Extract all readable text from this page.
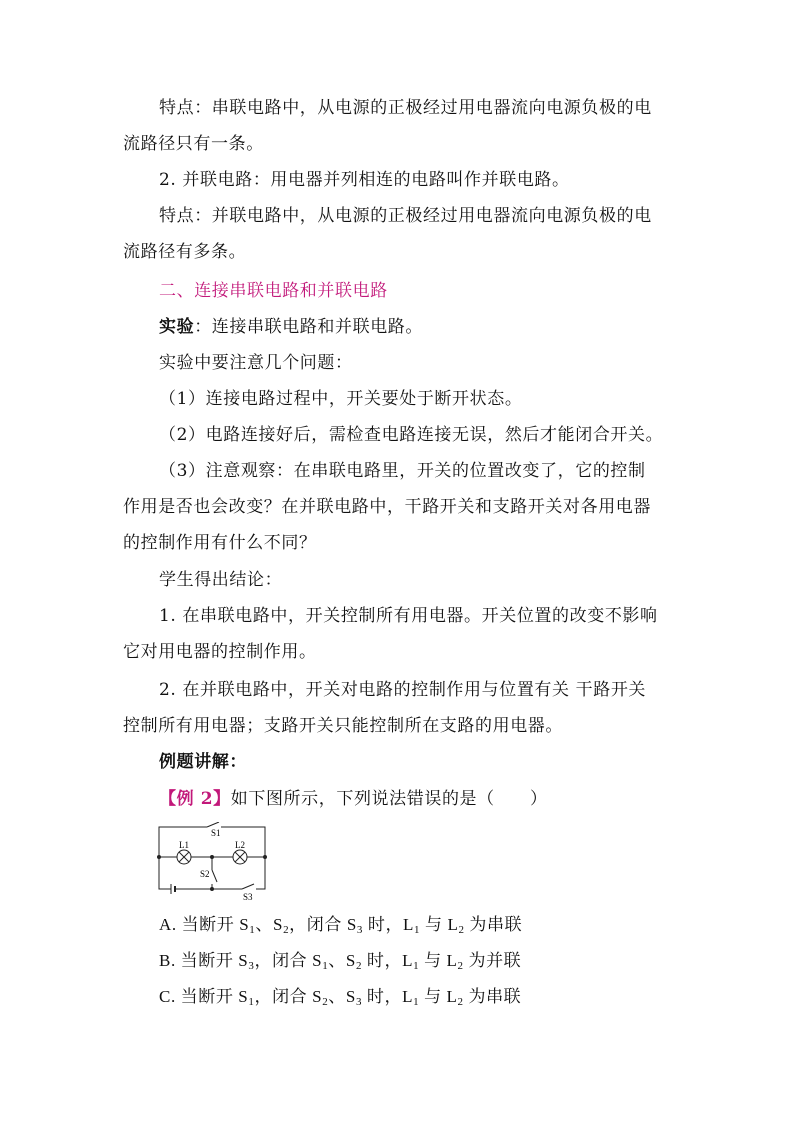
特点：串联电路中，从电源的正极经过用电器流向电源负极的电
流路径只有一条。
2. 并联电路：用电器并列相连的电路叫作并联电路。
特点：并联电路中，从电源的正极经过用电器流向电源负极的电
流路径有多条。
二、连接串联电路和并联电路
实验：连接串联电路和并联电路。
实验中要注意几个问题：
（1）连接电路过程中，开关要处于断开状态。
（2）电路连接好后，需检查电路连接无误，然后才能闭合开关。
（3）注意观察：在串联电路里，开关的位置改变了，它的控制
作用是否也会改变？在并联电路中，干路开关和支路开关对各用电器
的控制作用有什么不同？
学生得出结论：
1. 在串联电路中，开关控制所有用电器。开关位置的改变不影响
它对用电器的控制作用。
2. 在并联电路中，开关对电路的控制作用与位置有关 干路开关
控制所有用电器；支路开关只能控制所在支路的用电器。
例题讲解：
【例 2】如下图所示，下列说法错误的是（　　）
S1
L1	L2
S2
S3
A. 当断开 $S_1$、$S_2$，闭合 $S_3$ 时，$L_1$ 与 $L_2$ 为串联
B. 当断开 $S_3$，闭合 $S_1$、$S_2$ 时，$L_1$ 与 $L_2$ 为并联
C. 当断开 $S_1$，闭合 $S_2$、$S_3$ 时，$L_1$ 与 $L_2$ 为串联
